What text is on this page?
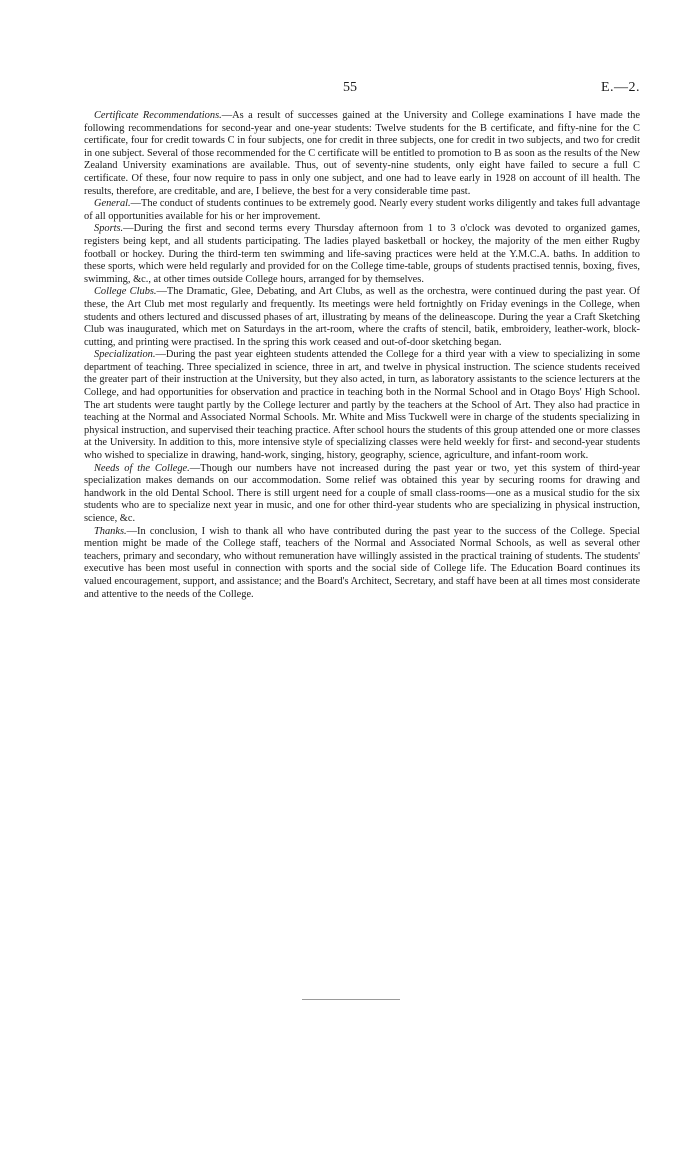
55	E.—2.

Certificate Recommendations.—As a result of successes gained at the University and College examinations I have made the following recommendations for second-year and one-year students: Twelve students for the B certificate, and fifty-nine for the C certificate, four for credit towards C in four subjects, one for credit in three subjects, one for credit in two subjects, and two for credit in one subject. Several of those recommended for the C certificate will be entitled to promotion to B as soon as the results of the New Zealand University examinations are available. Thus, out of seventy-nine students, only eight have failed to secure a full C certificate. Of these, four now require to pass in only one subject, and one had to leave early in 1928 on account of ill health. The results, therefore, are creditable, and are, I believe, the best for a very considerable time past.

General.—The conduct of students continues to be extremely good. Nearly every student works diligently and takes full advantage of all opportunities available for his or her improvement.

Sports.—During the first and second terms every Thursday afternoon from 1 to 3 o'clock was devoted to organized games, registers being kept, and all students participating. The ladies played basketball or hockey, the majority of the men either Rugby football or hockey. During the third-term ten swimming and life-saving practices were held at the Y.M.C.A. baths. In addition to these sports, which were held regularly and provided for on the College time-table, groups of students practised tennis, boxing, fives, swimming, &c., at other times outside College hours, arranged for by themselves.

College Clubs.—The Dramatic, Glee, Debating, and Art Clubs, as well as the orchestra, were continued during the past year. Of these, the Art Club met most regularly and frequently. Its meetings were held fortnightly on Friday evenings in the College, when students and others lectured and discussed phases of art, illustrating by means of the delineascope. During the year a Craft Sketching Club was inaugurated, which met on Saturdays in the art-room, where the crafts of stencil, batik, embroidery, leather-work, block-cutting, and printing were practised. In the spring this work ceased and out-of-door sketching began.

Specialization.—During the past year eighteen students attended the College for a third year with a view to specializing in some department of teaching. Three specialized in science, three in art, and twelve in physical instruction. The science students received the greater part of their instruction at the University, but they also acted, in turn, as laboratory assistants to the science lecturers at the College, and had opportunities for observation and practice in teaching both in the Normal School and in Otago Boys' High School. The art students were taught partly by the College lecturer and partly by the teachers at the School of Art. They also had practice in teaching at the Normal and Associated Normal Schools. Mr. White and Miss Tuckwell were in charge of the students specializing in physical instruction, and supervised their teaching practice. After school hours the students of this group attended one or more classes at the University. In addition to this, more intensive style of specializing classes were held weekly for first- and second-year students who wished to specialize in drawing, hand-work, singing, history, geography, science, agriculture, and infant-room work.

Needs of the College.—Though our numbers have not increased during the past year or two, yet this system of third-year specialization makes demands on our accommodation. Some relief was obtained this year by securing rooms for drawing and handwork in the old Dental School. There is still urgent need for a couple of small class-rooms—one as a musical studio for the six students who are to specialize next year in music, and one for other third-year students who are specializing in physical instruction, science, &c.

Thanks.—In conclusion, I wish to thank all who have contributed during the past year to the success of the College. Special mention might be made of the College staff, teachers of the Normal and Associated Normal Schools, as well as several other teachers, primary and secondary, who without remuneration have willingly assisted in the practical training of students. The students' executive has been most useful in connection with sports and the social side of College life. The Education Board continues its valued encouragement, support, and assistance; and the Board's Architect, Secretary, and staff have been at all times most considerate and attentive to the needs of the College.
